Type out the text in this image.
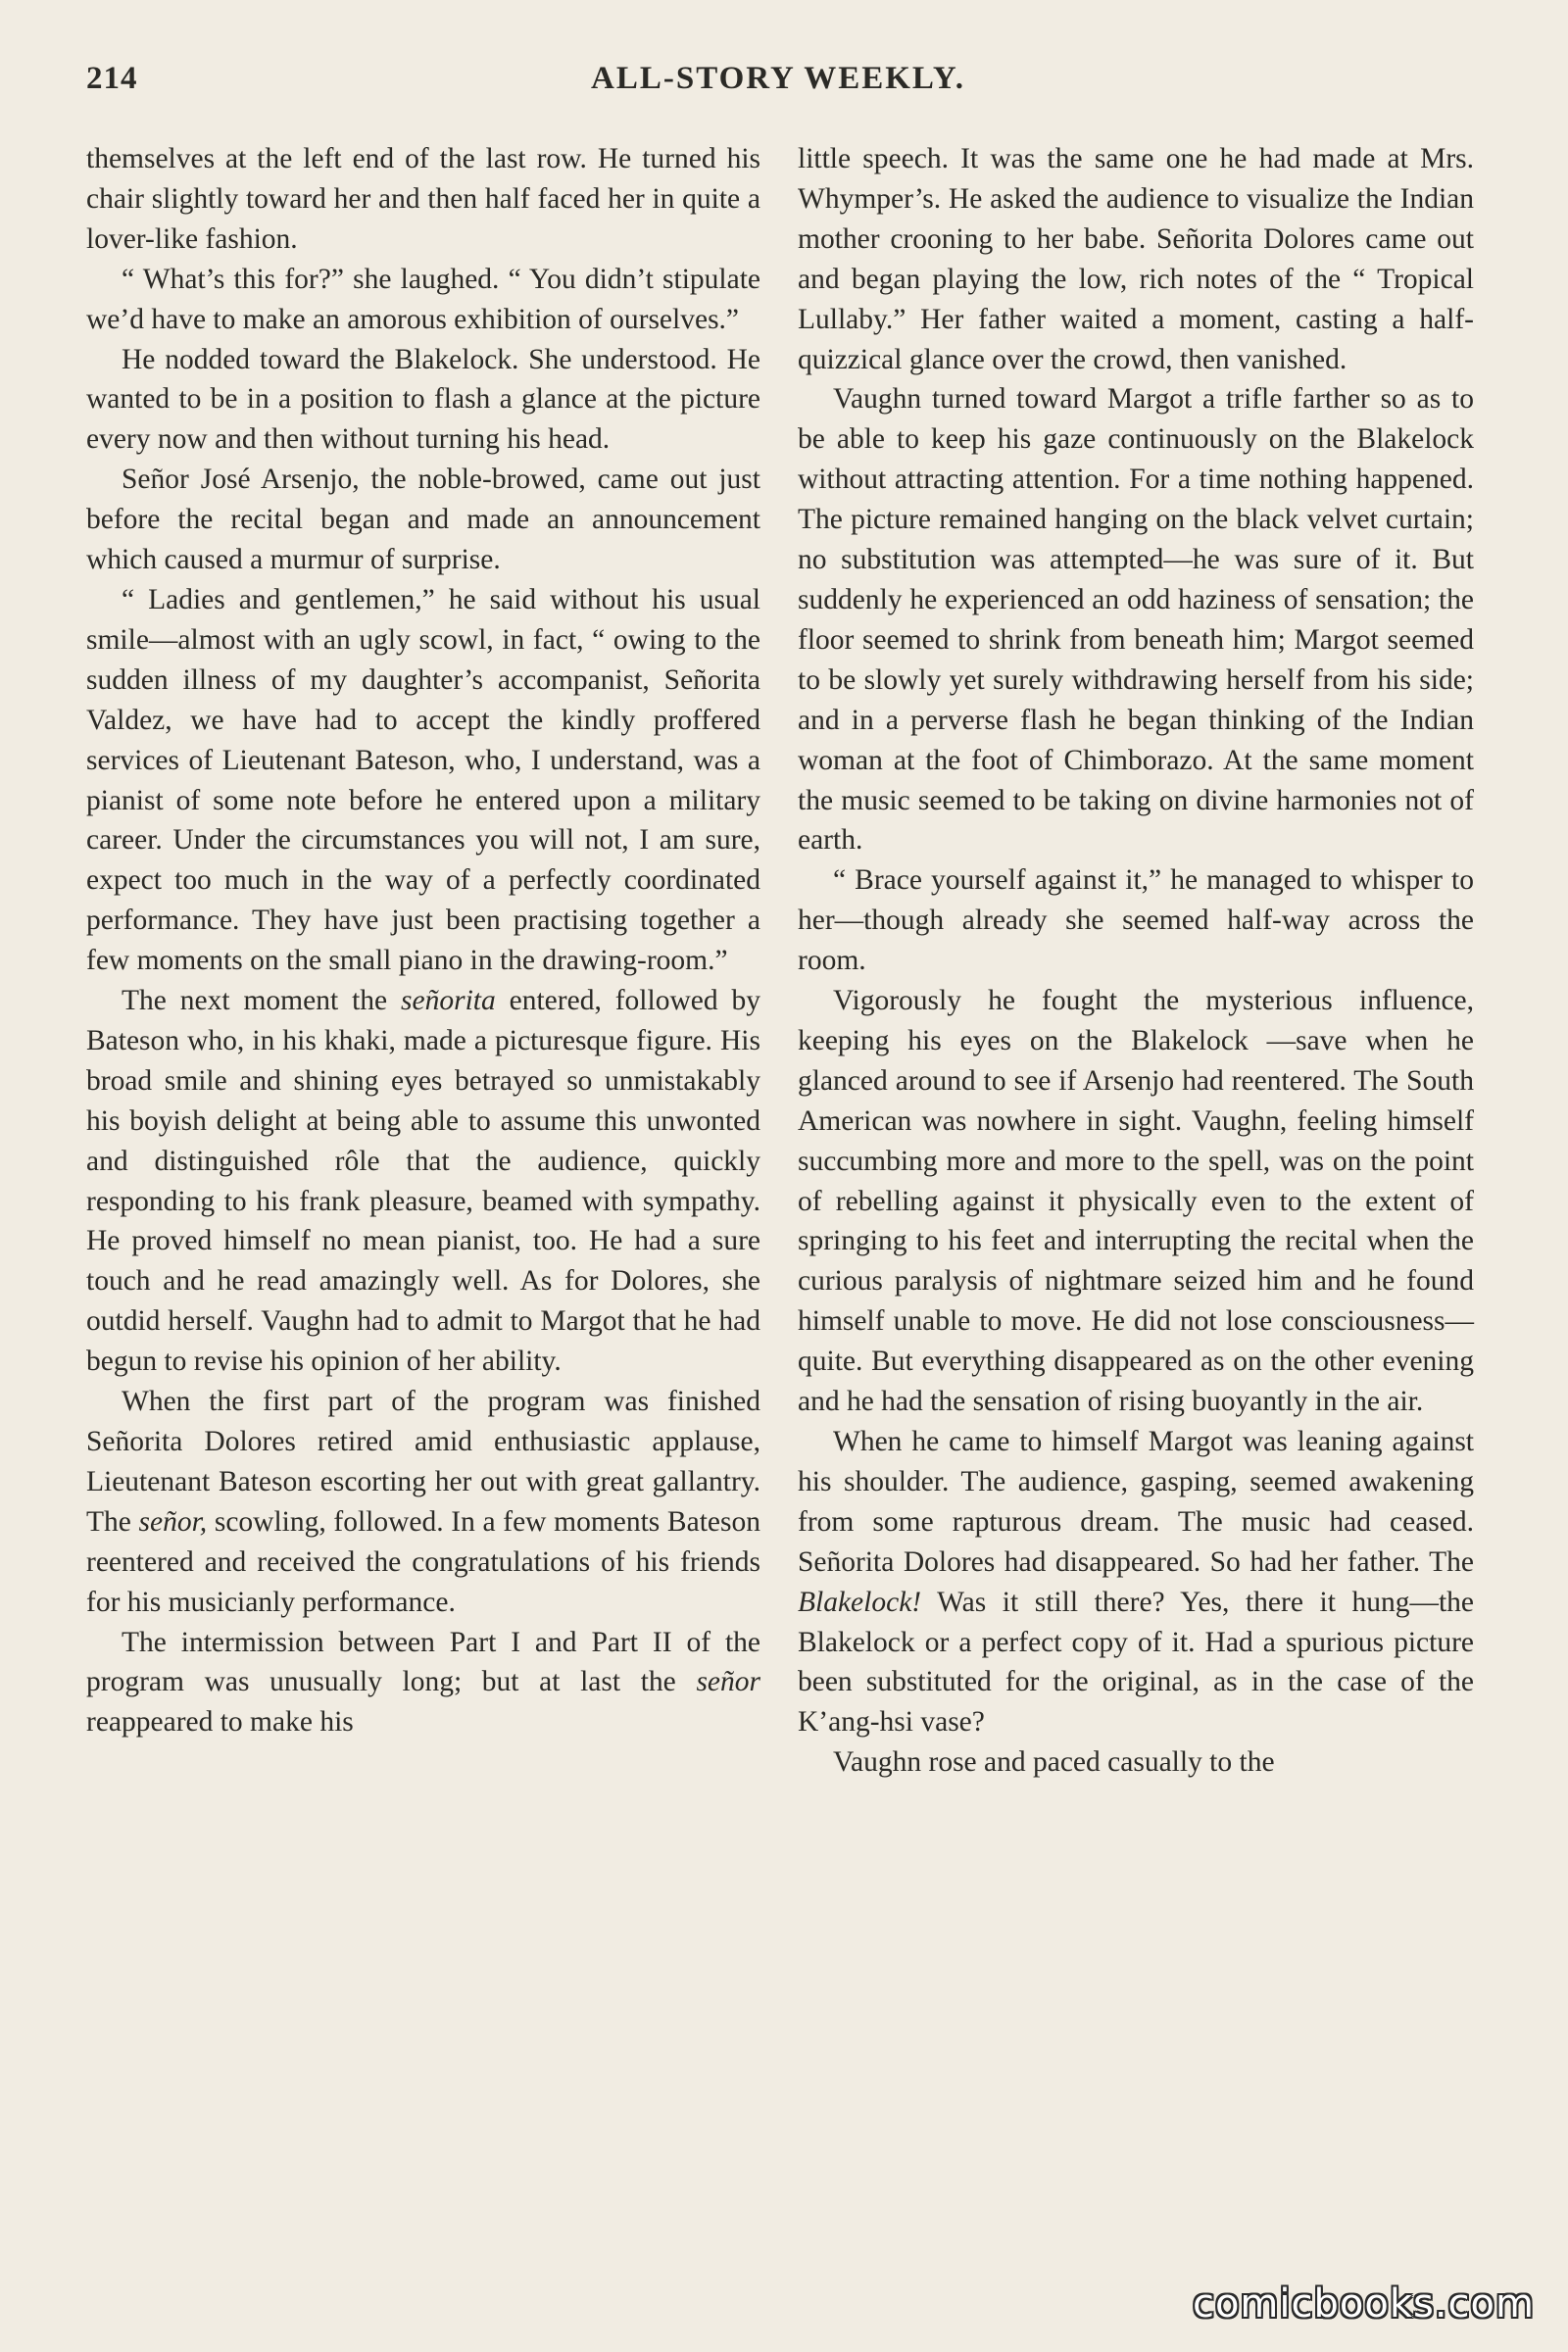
214	ALL-STORY WEEKLY.

themselves at the left end of the last row. He turned his chair slightly toward her and then half faced her in quite a lover-like fashion.

“ What’s this for?” she laughed. “ You didn’t stipulate we’d have to make an amorous exhibition of ourselves.”

He nodded toward the Blakelock. She understood. He wanted to be in a position to flash a glance at the picture every now and then without turning his head.

Señor José Arsenjo, the noble-browed, came out just before the recital began and made an announcement which caused a murmur of surprise.

“ Ladies and gentlemen,” he said without his usual smile—almost with an ugly scowl, in fact, “ owing to the sudden illness of my daughter’s accompanist, Señorita Valdez, we have had to accept the kindly proffered services of Lieutenant Bateson, who, I understand, was a pianist of some note before he entered upon a military career. Under the circumstances you will not, I am sure, expect too much in the way of a perfectly coordinated performance. They have just been practising together a few moments on the small piano in the drawing-room.”

The next moment the señorita entered, followed by Bateson who, in his khaki, made a picturesque figure. His broad smile and shining eyes betrayed so unmistakably his boyish delight at being able to assume this unwonted and distinguished rôle that the audience, quickly responding to his frank pleasure, beamed with sympathy. He proved himself no mean pianist, too. He had a sure touch and he read amazingly well. As for Dolores, she outdid herself. Vaughn had to admit to Margot that he had begun to revise his opinion of her ability.

When the first part of the program was finished Señorita Dolores retired amid enthusiastic applause, Lieutenant Bateson escorting her out with great gallantry. The señor, scowling, followed. In a few moments Bateson reentered and received the congratulations of his friends for his musicianly performance.

The intermission between Part I and Part II of the program was unusually long; but at last the señor reappeared to make his

little speech. It was the same one he had made at Mrs. Whymper’s. He asked the audience to visualize the Indian mother crooning to her babe. Señorita Dolores came out and began playing the low, rich notes of the “ Tropical Lullaby.” Her father waited a moment, casting a half-quizzical glance over the crowd, then vanished.

Vaughn turned toward Margot a trifle farther so as to be able to keep his gaze continuously on the Blakelock without attracting attention. For a time nothing happened. The picture remained hanging on the black velvet curtain; no substitution was attempted—he was sure of it. But suddenly he experienced an odd haziness of sensation; the floor seemed to shrink from beneath him; Margot seemed to be slowly yet surely withdrawing herself from his side; and in a perverse flash he began thinking of the Indian woman at the foot of Chimborazo. At the same moment the music seemed to be taking on divine harmonies not of earth.

“ Brace yourself against it,” he managed to whisper to her—though already she seemed half-way across the room.

Vigorously he fought the mysterious influence, keeping his eyes on the Blakelock —save when he glanced around to see if Arsenjo had reentered. The South American was nowhere in sight. Vaughn, feeling himself succumbing more and more to the spell, was on the point of rebelling against it physically even to the extent of springing to his feet and interrupting the recital when the curious paralysis of nightmare seized him and he found himself unable to move. He did not lose consciousness—quite. But everything disappeared as on the other evening and he had the sensation of rising buoyantly in the air.

When he came to himself Margot was leaning against his shoulder. The audience, gasping, seemed awakening from some rapturous dream. The music had ceased. Señorita Dolores had disappeared. So had her father. The Blakelock! Was it still there? Yes, there it hung—the Blakelock or a perfect copy of it. Had a spurious picture been substituted for the original, as in the case of the K’ang-hsi vase?

Vaughn rose and paced casually to the

comicbooks.com
